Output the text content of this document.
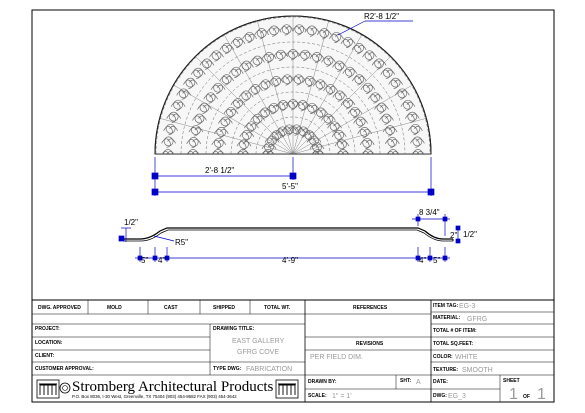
R2'-8 1/2"
2'-8 1/2"
5'-5"
1/2"
R5"
8 3/4"
2" 1/2"
5" 4"	4'-9"	4" 5"
DWG. APPROVED	MOLD	CAST	SHIPPED	TOTAL WT.
PROJECT:
LOCATION:
CLIENT:
CUSTOMER APPROVAL:
DRAWING TITLE:
EAST GALLERY
GFRG COVE
TYPE DWG: FABRICATION
Stromberg Architectural Products
P.O. Box 8036, I-30 West, Greenville, TX 75404 (903) 454-8682 FAX (903) 454-3642
REFERENCES
REVISIONS
PER FIELD DIM.
DRAWN BY:	SHT: A
SCALE: 1" = 1'
ITEM TAG: EG-3
MATERIAL: GFRG
TOTAL # OF ITEM:
TOTAL SQ.FEET:
COLOR: WHITE
TEXTURE: SMOOTH
DATE:
DWG: EG_3
SHEET
1 OF 1
